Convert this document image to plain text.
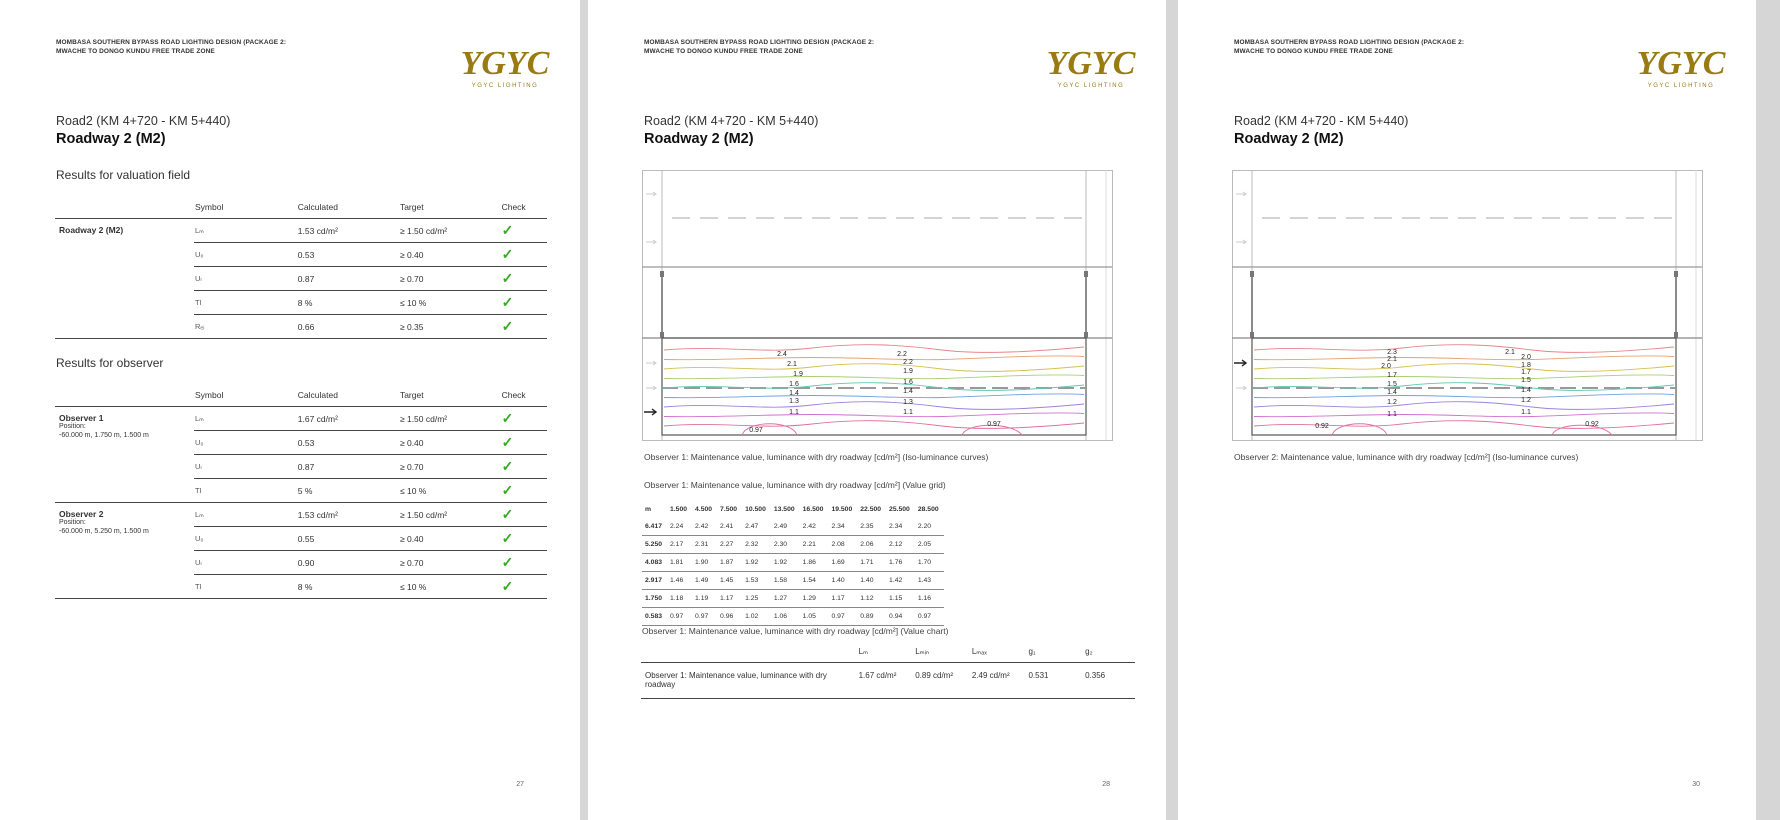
MOMBASA SOUTHERN BYPASS ROAD LIGHTING DESIGN (PACKAGE 2:
MWACHE TO DONGO KUNDU FREE TRADE ZONE	YGYC
YGYC LIGHTING
Road2 (KM 4+720 - KM 5+440)
Roadway 2 (M2)
Results for valuation field
	Symbol	Calculated	Target	Check

Roadway 2 (M2)	Lₘ	1.53 cd/m²	≥ 1.50 cd/m²	✓
	U₀	0.53	≥ 0.40	✓
	Uₗ	0.87	≥ 0.70	✓
	TI	8 %	≤ 10 %	✓
	Rₑᵢ	0.66	≥ 0.35	✓
Results for observer
	Symbol	Calculated	Target	Check

Observer 1
Position:
-60.000 m, 1.750 m, 1.500 m	Lₘ	1.67 cd/m²	≥ 1.50 cd/m²	✓
	U₀	0.53	≥ 0.40	✓
	Uₗ	0.87	≥ 0.70	✓
	TI	5 %	≤ 10 %	✓

Observer 2
Position:
-60.000 m, 5.250 m, 1.500 m	Lₘ	1.53 cd/m²	≥ 1.50 cd/m²	✓
	U₀	0.55	≥ 0.40	✓
	Uₗ	0.90	≥ 0.70	✓
	TI	8 %	≤ 10 %	✓
27
MOMBASA SOUTHERN BYPASS ROAD LIGHTING DESIGN (PACKAGE 2:
MWACHE TO DONGO KUNDU FREE TRADE ZONE	YGYC
YGYC LIGHTING
Road2 (KM 4+720 - KM 5+440)
Roadway 2 (M2)
2.4	2.2
2.2
2.1
1.9	1.9
1.6	1.6
1.4	1.4
1.3	1.3
1.1	1.1
0.97
0.97
Observer 1: Maintenance value, luminance with dry roadway [cd/m²] (Iso-luminance curves)
Observer 1: Maintenance value, luminance with dry roadway [cd/m²] (Value grid)
m	1.500	4.500	7.500	10.500	13.500	16.500	19.500	22.500	25.500	28.500
6.417	2.24	2.42	2.41	2.47	2.49	2.42	2.34	2.35	2.34	2.20
5.250	2.17	2.31	2.27	2.32	2.30	2.21	2.08	2.06	2.12	2.05
4.083	1.81	1.90	1.87	1.92	1.92	1.86	1.69	1.71	1.76	1.70
2.917	1.46	1.49	1.45	1.53	1.58	1.54	1.40	1.40	1.42	1.43
1.750	1.18	1.19	1.17	1.25	1.27	1.29	1.17	1.12	1.15	1.16
0.583	0.97	0.97	0.96	1.02	1.06	1.05	0.97	0.89	0.94	0.97
Observer 1: Maintenance value, luminance with dry roadway [cd/m²] (Value chart)
	Lₘ	Lₘᵢₙ	Lₘₐₓ	g₁	g₂
Observer 1: Maintenance value, luminance with dry roadway	1.67 cd/m²	0.89 cd/m²	2.49 cd/m²	0.531	0.356
28
MOMBASA SOUTHERN BYPASS ROAD LIGHTING DESIGN (PACKAGE 2:
MWACHE TO DONGO KUNDU FREE TRADE ZONE	YGYC
YGYC LIGHTING
Road2 (KM 4+720 - KM 5+440)
Roadway 2 (M2)
2.3	2.1
2.1	2.0
2.0	1.8
1.7	1.7
1.5
1.5
1.4	1.4
1.2	1.2
1.1	1.1
0.92	0.92
Observer 2: Maintenance value, luminance with dry roadway [cd/m²] (Iso-luminance curves)
30
